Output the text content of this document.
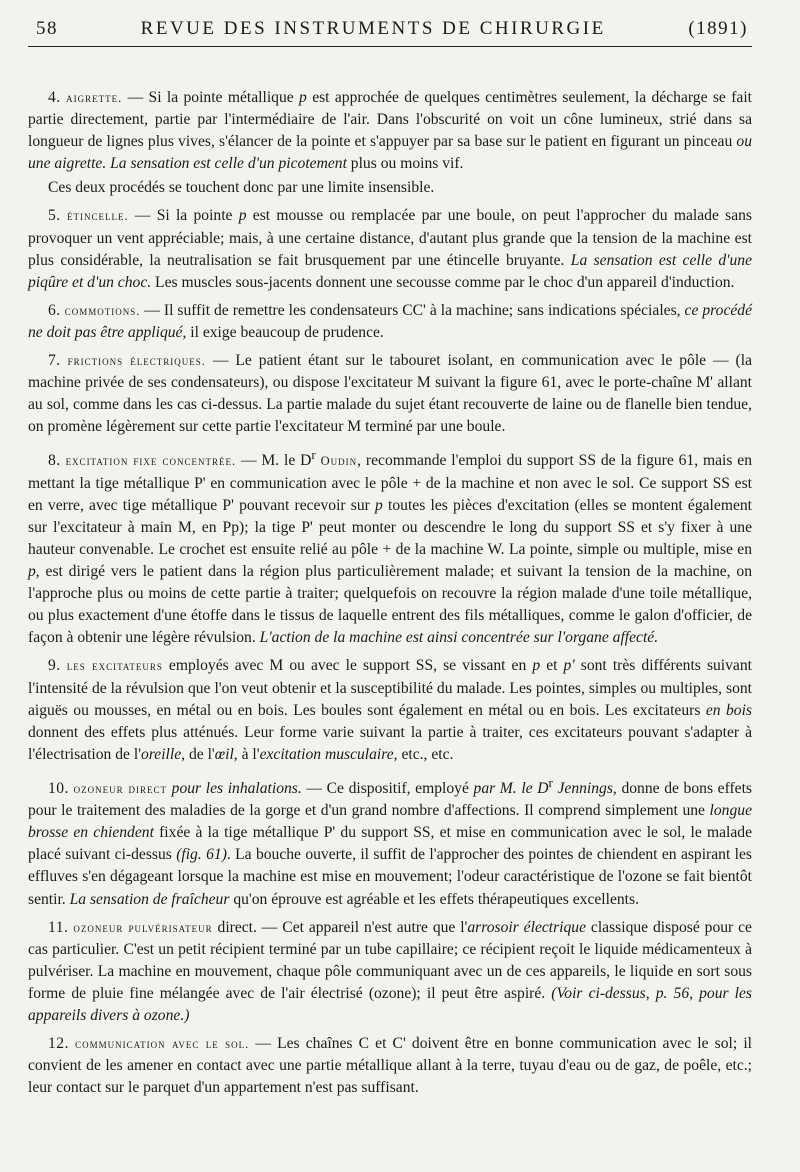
58	REVUE DES INSTRUMENTS DE CHIRURGIE	(1891)

4. aigrette. — Si la pointe métallique p est approchée de quelques centimètres seulement, la décharge se fait partie directement, partie par l'intermédiaire de l'air. Dans l'obscurité on voit un cône lumineux, strié dans sa longueur de lignes plus vives, s'élancer de la pointe et s'appuyer par sa base sur le patient en figurant un pinceau ou une aigrette. La sensation est celle d'un picotement plus ou moins vif.

Ces deux procédés se touchent donc par une limite insensible.

5. étincelle. — Si la pointe p est mousse ou remplacée par une boule, on peut l'approcher du malade sans provoquer un vent appréciable; mais, à une certaine distance, d'autant plus grande que la tension de la machine est plus considérable, la neutralisation se fait brusquement par une étincelle bruyante. La sensation est celle d'une piqûre et d'un choc. Les muscles sous-jacents donnent une secousse comme par le choc d'un appareil d'induction.

6. commotions. — Il suffit de remettre les condensateurs CC' à la machine; sans indications spéciales, ce procédé ne doit pas être appliqué, il exige beaucoup de prudence.

7. frictions électriques. — Le patient étant sur le tabouret isolant, en communication avec le pôle — (la machine privée de ses condensateurs), ou dispose l'excitateur M suivant la figure 61, avec le porte-chaîne M' allant au sol, comme dans les cas ci-dessus. La partie malade du sujet étant recouverte de laine ou de flanelle bien tendue, on promène légèrement sur cette partie l'excitateur M terminé par une boule.

8. excitation fixe concentrée. — M. le $D^r$ Oudin, recommande l'emploi du support SS de la figure 61, mais en mettant la tige métallique P' en communication avec le pôle + de la machine et non avec le sol. Ce support SS est en verre, avec tige métallique P' pouvant recevoir sur p toutes les pièces d'excitation (elles se montent également sur l'excitateur à main M, en Pp); la tige P' peut monter ou descendre le long du support SS et s'y fixer à une hauteur convenable. Le crochet est ensuite relié au pôle + de la machine W. La pointe, simple ou multiple, mise en p, est dirigé vers le patient dans la région plus particulièrement malade; et suivant la tension de la machine, on l'approche plus ou moins de cette partie à traiter; quelquefois on recouvre la région malade d'une toile métallique, ou plus exactement d'une étoffe dans le tissus de laquelle entrent des fils métalliques, comme le galon d'officier, de façon à obtenir une légère révulsion. L'action de la machine est ainsi concentrée sur l'organe affecté.

9. les excitateurs employés avec M ou avec le support SS, se vissant en p et p' sont très différents suivant l'intensité de la révulsion que l'on veut obtenir et la susceptibilité du malade. Les pointes, simples ou multiples, sont aiguës ou mousses, en métal ou en bois. Les boules sont également en métal ou en bois. Les excitateurs en bois donnent des effets plus atténués. Leur forme varie suivant la partie à traiter, ces excitateurs pouvant s'adapter à l'électrisation de l'oreille, de l'œil, à l'excitation musculaire, etc., etc.

10. ozoneur direct pour les inhalations. — Ce dispositif, employé par M. le $D^r$ Jennings, donne de bons effets pour le traitement des maladies de la gorge et d'un grand nombre d'affections. Il comprend simplement une longue brosse en chiendent fixée à la tige métallique P' du support SS, et mise en communication avec le sol, le malade placé suivant ci-dessus (fig. 61). La bouche ouverte, il suffit de l'approcher des pointes de chiendent en aspirant les effluves s'en dégageant lorsque la machine est mise en mouvement; l'odeur caractéristique de l'ozone se fait bientôt sentir. La sensation de fraîcheur qu'on éprouve est agréable et les effets thérapeutiques excellents.

11. ozoneur pulvérisateur direct. — Cet appareil n'est autre que l'arrosoir électrique classique disposé pour ce cas particulier. C'est un petit récipient terminé par un tube capillaire; ce récipient reçoit le liquide médicamenteux à pulvériser. La machine en mouvement, chaque pôle communiquant avec un de ces appareils, le liquide en sort sous forme de pluie fine mélangée avec de l'air électrisé (ozone); il peut être aspiré. (Voir ci-dessus, p. 56, pour les appareils divers à ozone.)

12. communication avec le sol. — Les chaînes C et C' doivent être en bonne communication avec le sol; il convient de les amener en contact avec une partie métallique allant à la terre, tuyau d'eau ou de gaz, de poêle, etc.; leur contact sur le parquet d'un appartement n'est pas suffisant.
